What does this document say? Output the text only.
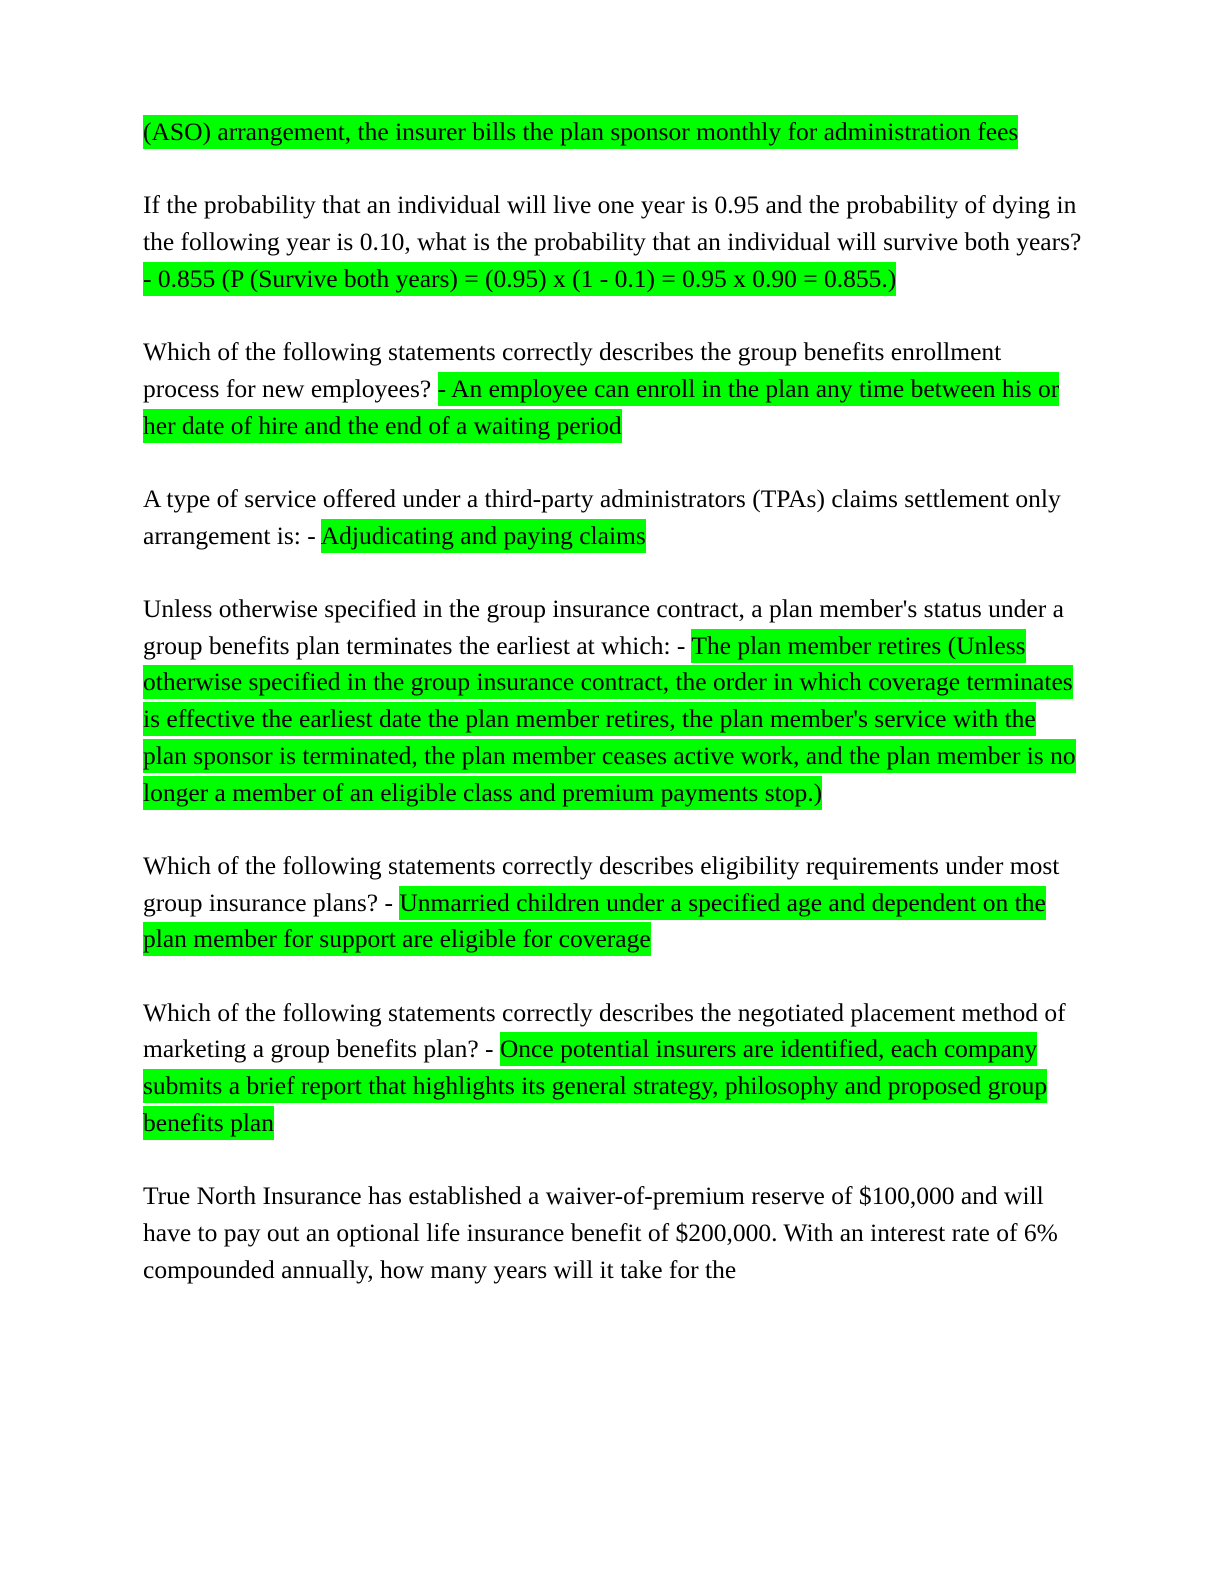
(ASO) arrangement, the insurer bills the plan sponsor monthly for administration fees

If the probability that an individual will live one year is 0.95 and the probability of dying in the following year is 0.10, what is the probability that an individual will survive both years? - 0.855 (P (Survive both years) = (0.95) x (1 - 0.1) = 0.95 x 0.90 = 0.855.)

Which of the following statements correctly describes the group benefits enrollment process for new employees? - An employee can enroll in the plan any time between his or her date of hire and the end of a waiting period

A type of service offered under a third-party administrators (TPAs) claims settlement only arrangement is: - Adjudicating and paying claims

Unless otherwise specified in the group insurance contract, a plan member's status under a group benefits plan terminates the earliest at which: - The plan member retires (Unless otherwise specified in the group insurance contract, the order in which coverage terminates is effective the earliest date the plan member retires, the plan member's service with the plan sponsor is terminated, the plan member ceases active work, and the plan member is no longer a member of an eligible class and premium payments stop.)

Which of the following statements correctly describes eligibility requirements under most group insurance plans? - Unmarried children under a specified age and dependent on the plan member for support are eligible for coverage

Which of the following statements correctly describes the negotiated placement method of marketing a group benefits plan? - Once potential insurers are identified, each company submits a brief report that highlights its general strategy, philosophy and proposed group benefits plan

True North Insurance has established a waiver-of-premium reserve of $100,000 and will have to pay out an optional life insurance benefit of $200,000. With an interest rate of 6% compounded annually, how many years will it take for the
